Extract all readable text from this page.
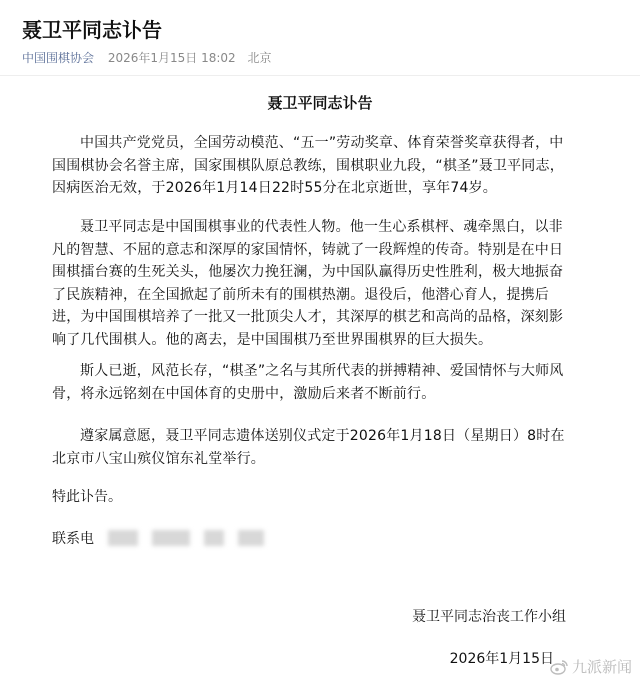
聂卫平同志讣告
中国围棋协会 2026年1月15日 18:02 北京
聂卫平同志讣告

中国共产党党员，全国劳动模范、“五一”劳动奖章、体育荣誉奖章获得者，中国围棋协会名誉主席，国家围棋队原总教练，围棋职业九段，“棋圣”聂卫平同志，因病医治无效，于2026年1月14日22时55分在北京逝世，享年74岁。

聂卫平同志是中国围棋事业的代表性人物。他一生心系棋枰、魂牵黑白，以非凡的智慧、不屈的意志和深厚的家国情怀，铸就了一段辉煌的传奇。特别是在中日围棋擂台赛的生死关头，他屡次力挽狂澜，为中国队赢得历史性胜利，极大地振奋了民族精神，在全国掀起了前所未有的围棋热潮。退役后，他潜心育人，提携后进，为中国围棋培养了一批又一批顶尖人才，其深厚的棋艺和高尚的品格，深刻影响了几代围棋人。他的离去，是中国围棋乃至世界围棋界的巨大损失。

斯人已逝，风范长存，“棋圣”之名与其所代表的拼搏精神、爱国情怀与大师风骨，将永远铭刻在中国体育的史册中，激励后来者不断前行。

遵家属意愿，聂卫平同志遗体送别仪式定于2026年1月18日（星期日）8时在北京市八宝山殡仪馆东礼堂举行。

特此讣告。
联系电
聂卫平同志治丧工作小组
2026年1月15日 九派新闻
